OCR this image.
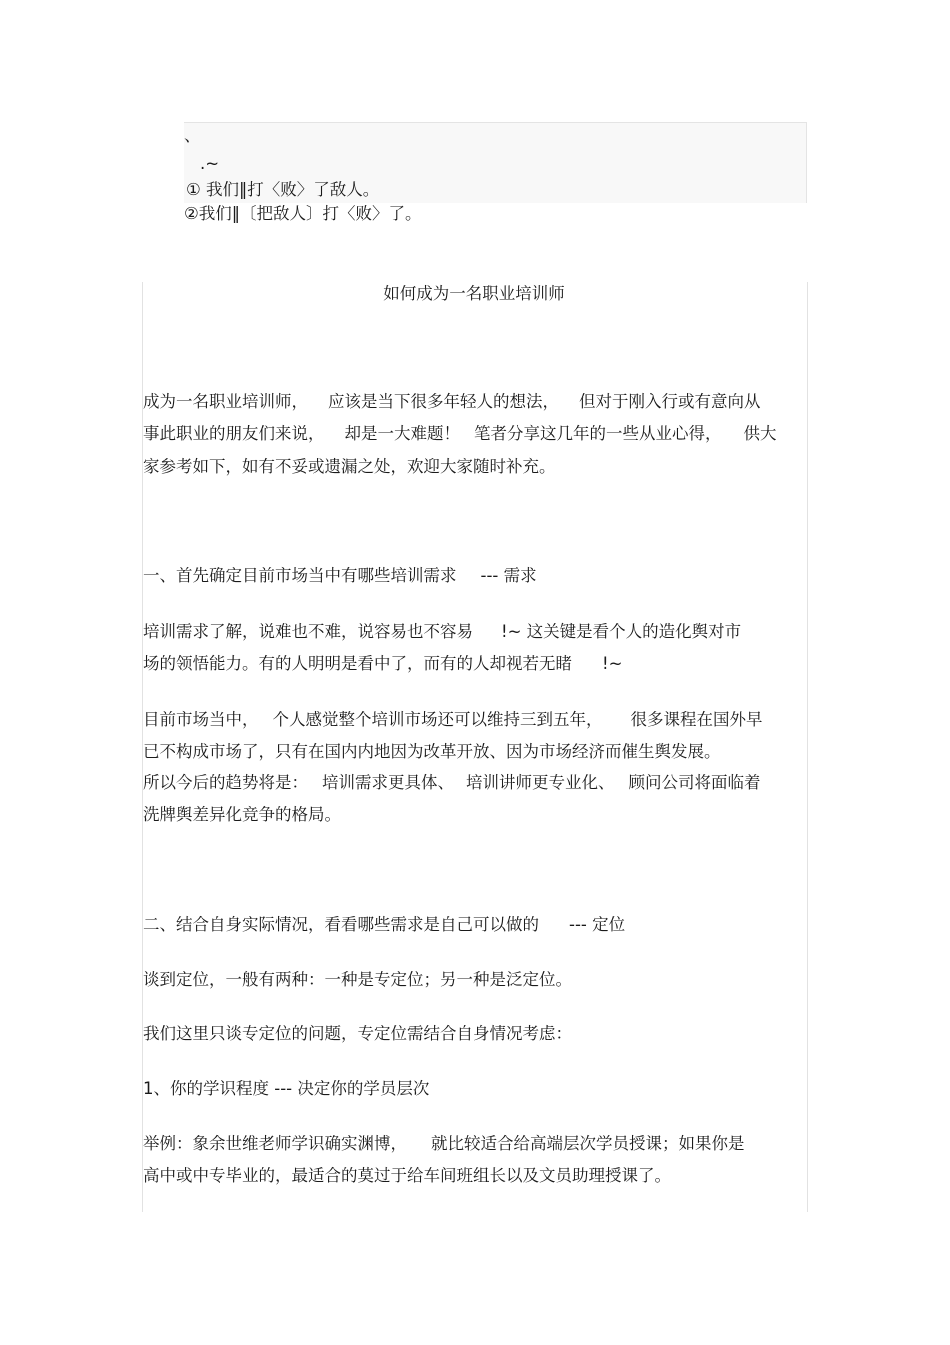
、
.~
① 我们‖打〈败〉了敌人。
②我们‖〔把敌人〕打〈败〉了。
如何成为一名职业培训师
成为一名职业培训师， 应该是当下很多年轻人的想法， 但对于刚入行或有意向从
事此职业的朋友们来说， 却是一大难题！ 笔者分享这几年的一些从业心得， 供大
家参考如下，如有不妥或遗漏之处，欢迎大家随时补充。
一、首先确定目前市场当中有哪些培训需求 --- 需求
培训需求了解，说难也不难，说容易也不容易 !~ 这关键是看个人的造化舆对市
场的领悟能力。有的人明明是看中了，而有的人却视若无睹 !~
目前市场当中， 个人感觉整个培训市场还可以维持三到五年， 很多课程在国外早
已不构成市场了，只有在国内内地因为改革开放、因为市场经济而催生舆发展。
所以今后的趋势将是： 培训需求更具体、 培训讲师更专业化、 顾问公司将面临着
洗牌舆差异化竞争的格局。
二、结合自身实际情况，看看哪些需求是自己可以做的 --- 定位
谈到定位，一般有两种：一种是专定位；另一种是泛定位。
我们这里只谈专定位的问题，专定位需结合自身情况考虑：
1、你的学识程度 --- 决定你的学员层次
举例：象余世维老师学识确实渊博， 就比较适合给高端层次学员授课；如果你是
高中或中专毕业的，最适合的莫过于给车间班组长以及文员助理授课了。
